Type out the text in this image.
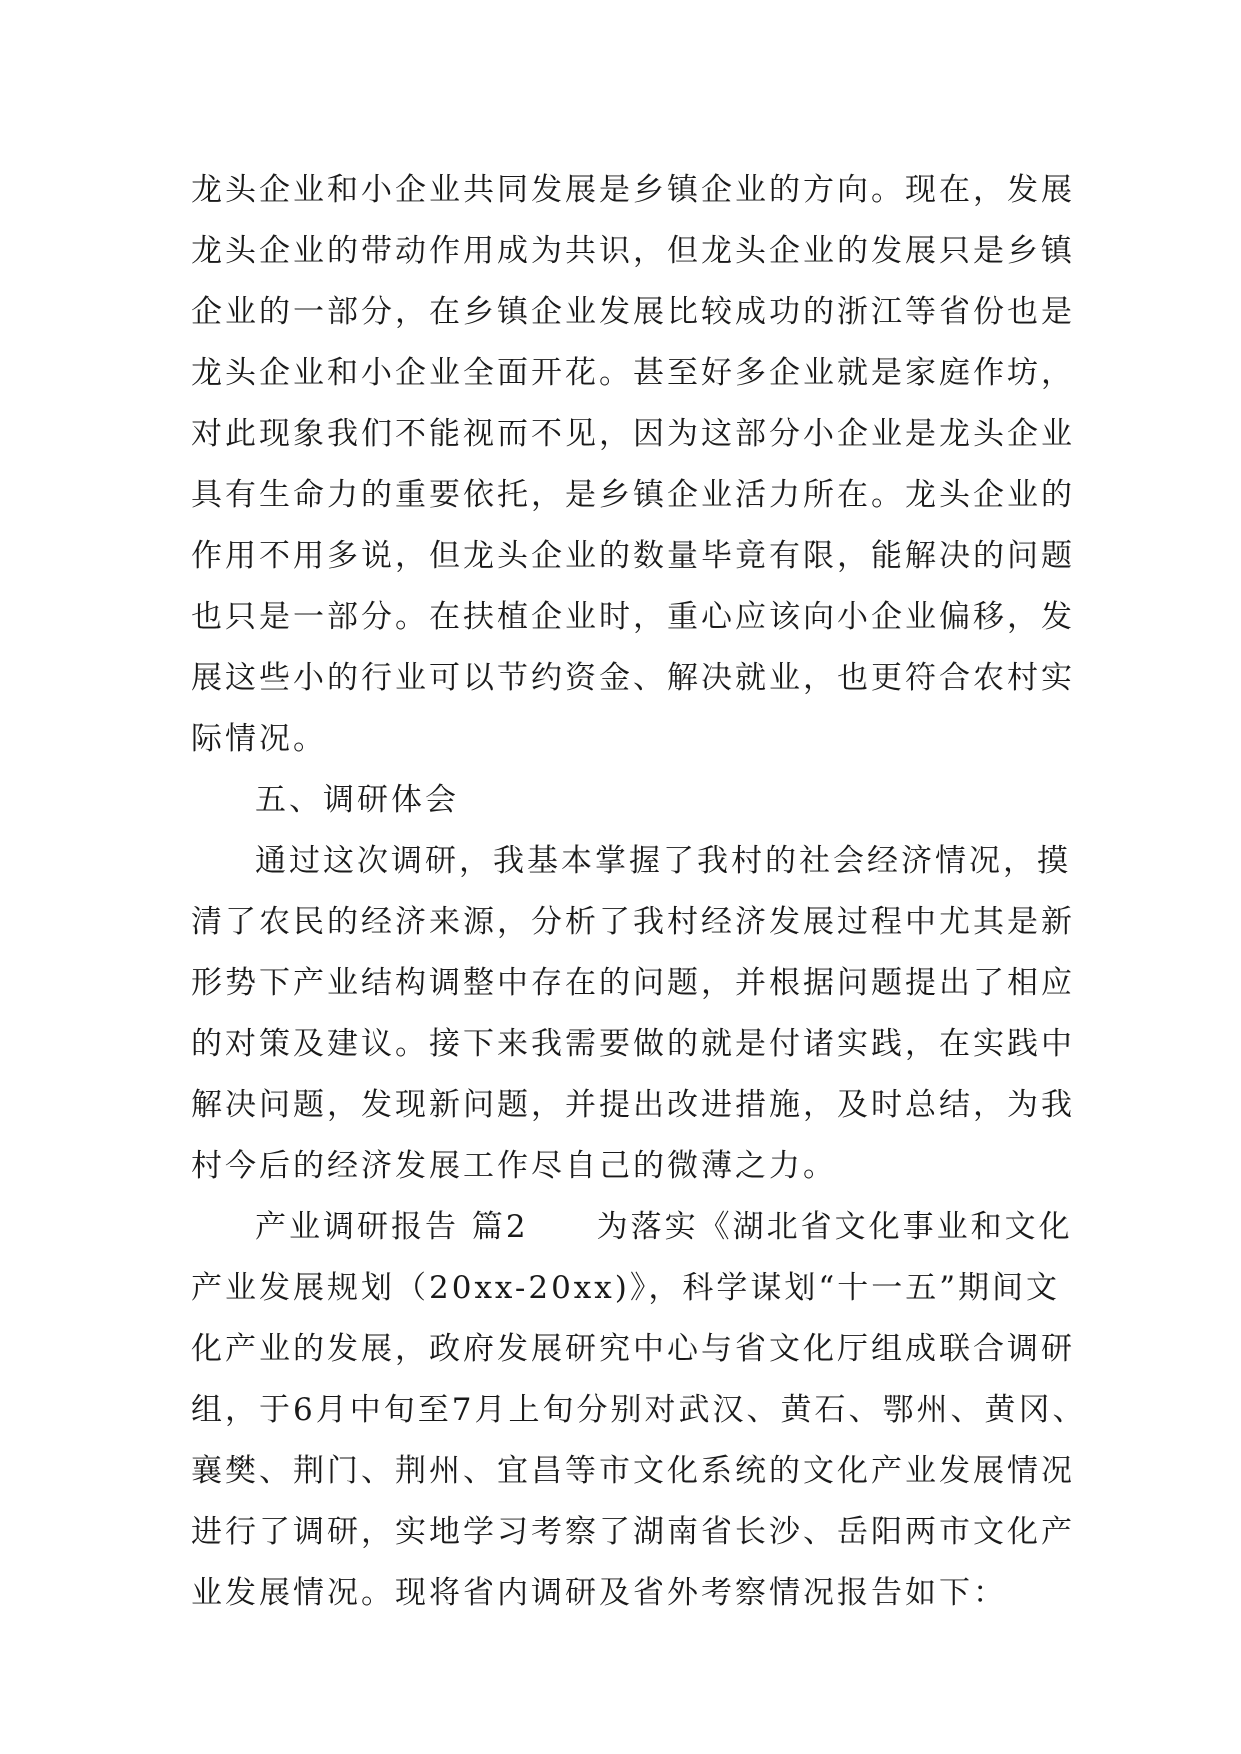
龙头企业和小企业共同发展是乡镇企业的方向。现在，发展
龙头企业的带动作用成为共识，但龙头企业的发展只是乡镇
企业的一部分，在乡镇企业发展比较成功的浙江等省份也是
龙头企业和小企业全面开花。甚至好多企业就是家庭作坊，
对此现象我们不能视而不见，因为这部分小企业是龙头企业
具有生命力的重要依托，是乡镇企业活力所在。龙头企业的
作用不用多说，但龙头企业的数量毕竟有限，能解决的问题
也只是一部分。在扶植企业时，重心应该向小企业偏移，发
展这些小的行业可以节约资金、解决就业，也更符合农村实
际情况。
五、调研体会
通过这次调研，我基本掌握了我村的社会经济情况，摸
清了农民的经济来源，分析了我村经济发展过程中尤其是新
形势下产业结构调整中存在的问题，并根据问题提出了相应
的对策及建议。接下来我需要做的就是付诸实践，在实践中
解决问题，发现新问题，并提出改进措施，及时总结，为我
村今后的经济发展工作尽自己的微薄之力。
产业调研报告 篇2　　为落实《湖北省文化事业和文化
产业发展规划（20xx-20xx)》，科学谋划“十一五”期间文
化产业的发展，政府发展研究中心与省文化厅组成联合调研
组，于6月中旬至7月上旬分别对武汉、黄石、鄂州、黄冈、
襄樊、荆门、荆州、宜昌等市文化系统的文化产业发展情况
进行了调研，实地学习考察了湖南省长沙、岳阳两市文化产
业发展情况。现将省内调研及省外考察情况报告如下：
